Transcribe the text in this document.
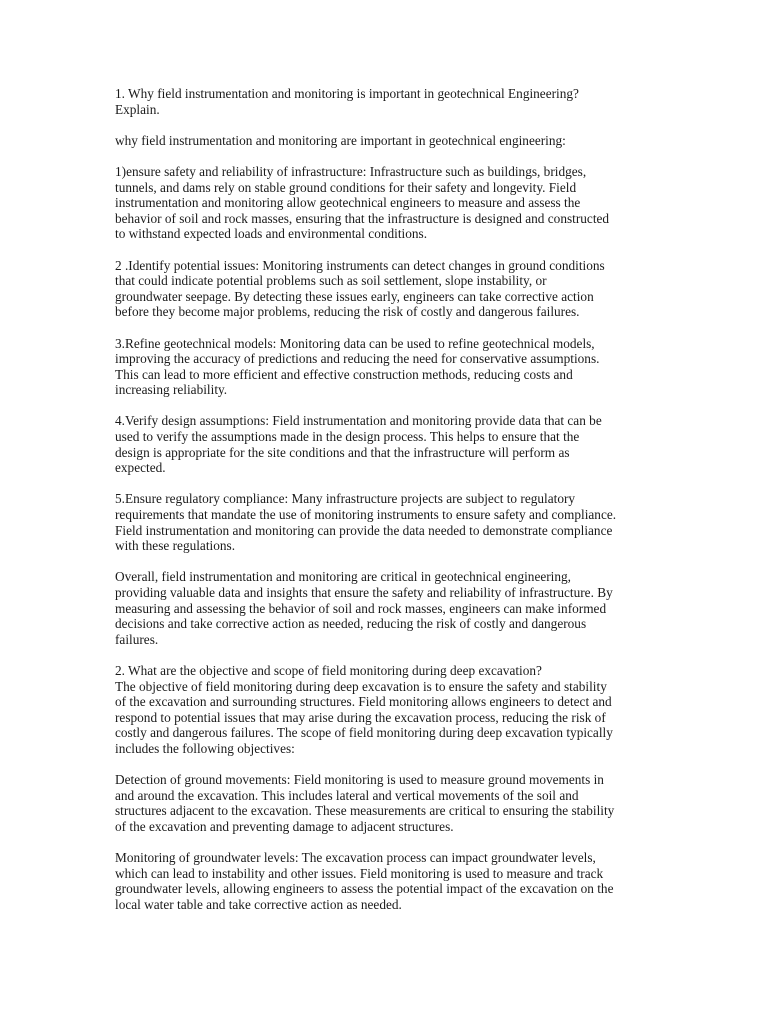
1. Why field instrumentation and monitoring is important in geotechnical Engineering?
Explain.

why field instrumentation and monitoring are important in geotechnical engineering:

1)ensure safety and reliability of infrastructure: Infrastructure such as buildings, bridges,
tunnels, and dams rely on stable ground conditions for their safety and longevity. Field
instrumentation and monitoring allow geotechnical engineers to measure and assess the
behavior of soil and rock masses, ensuring that the infrastructure is designed and constructed
to withstand expected loads and environmental conditions.

2 .Identify potential issues: Monitoring instruments can detect changes in ground conditions
that could indicate potential problems such as soil settlement, slope instability, or
groundwater seepage. By detecting these issues early, engineers can take corrective action
before they become major problems, reducing the risk of costly and dangerous failures.

3.Refine geotechnical models: Monitoring data can be used to refine geotechnical models,
improving the accuracy of predictions and reducing the need for conservative assumptions.
This can lead to more efficient and effective construction methods, reducing costs and
increasing reliability.

4.Verify design assumptions: Field instrumentation and monitoring provide data that can be
used to verify the assumptions made in the design process. This helps to ensure that the
design is appropriate for the site conditions and that the infrastructure will perform as
expected.

5.Ensure regulatory compliance: Many infrastructure projects are subject to regulatory
requirements that mandate the use of monitoring instruments to ensure safety and compliance.
Field instrumentation and monitoring can provide the data needed to demonstrate compliance
with these regulations.

Overall, field instrumentation and monitoring are critical in geotechnical engineering,
providing valuable data and insights that ensure the safety and reliability of infrastructure. By
measuring and assessing the behavior of soil and rock masses, engineers can make informed
decisions and take corrective action as needed, reducing the risk of costly and dangerous
failures.

2. What are the objective and scope of field monitoring during deep excavation?
The objective of field monitoring during deep excavation is to ensure the safety and stability
of the excavation and surrounding structures. Field monitoring allows engineers to detect and
respond to potential issues that may arise during the excavation process, reducing the risk of
costly and dangerous failures. The scope of field monitoring during deep excavation typically
includes the following objectives:

Detection of ground movements: Field monitoring is used to measure ground movements in
and around the excavation. This includes lateral and vertical movements of the soil and
structures adjacent to the excavation. These measurements are critical to ensuring the stability
of the excavation and preventing damage to adjacent structures.

Monitoring of groundwater levels: The excavation process can impact groundwater levels,
which can lead to instability and other issues. Field monitoring is used to measure and track
groundwater levels, allowing engineers to assess the potential impact of the excavation on the
local water table and take corrective action as needed.
